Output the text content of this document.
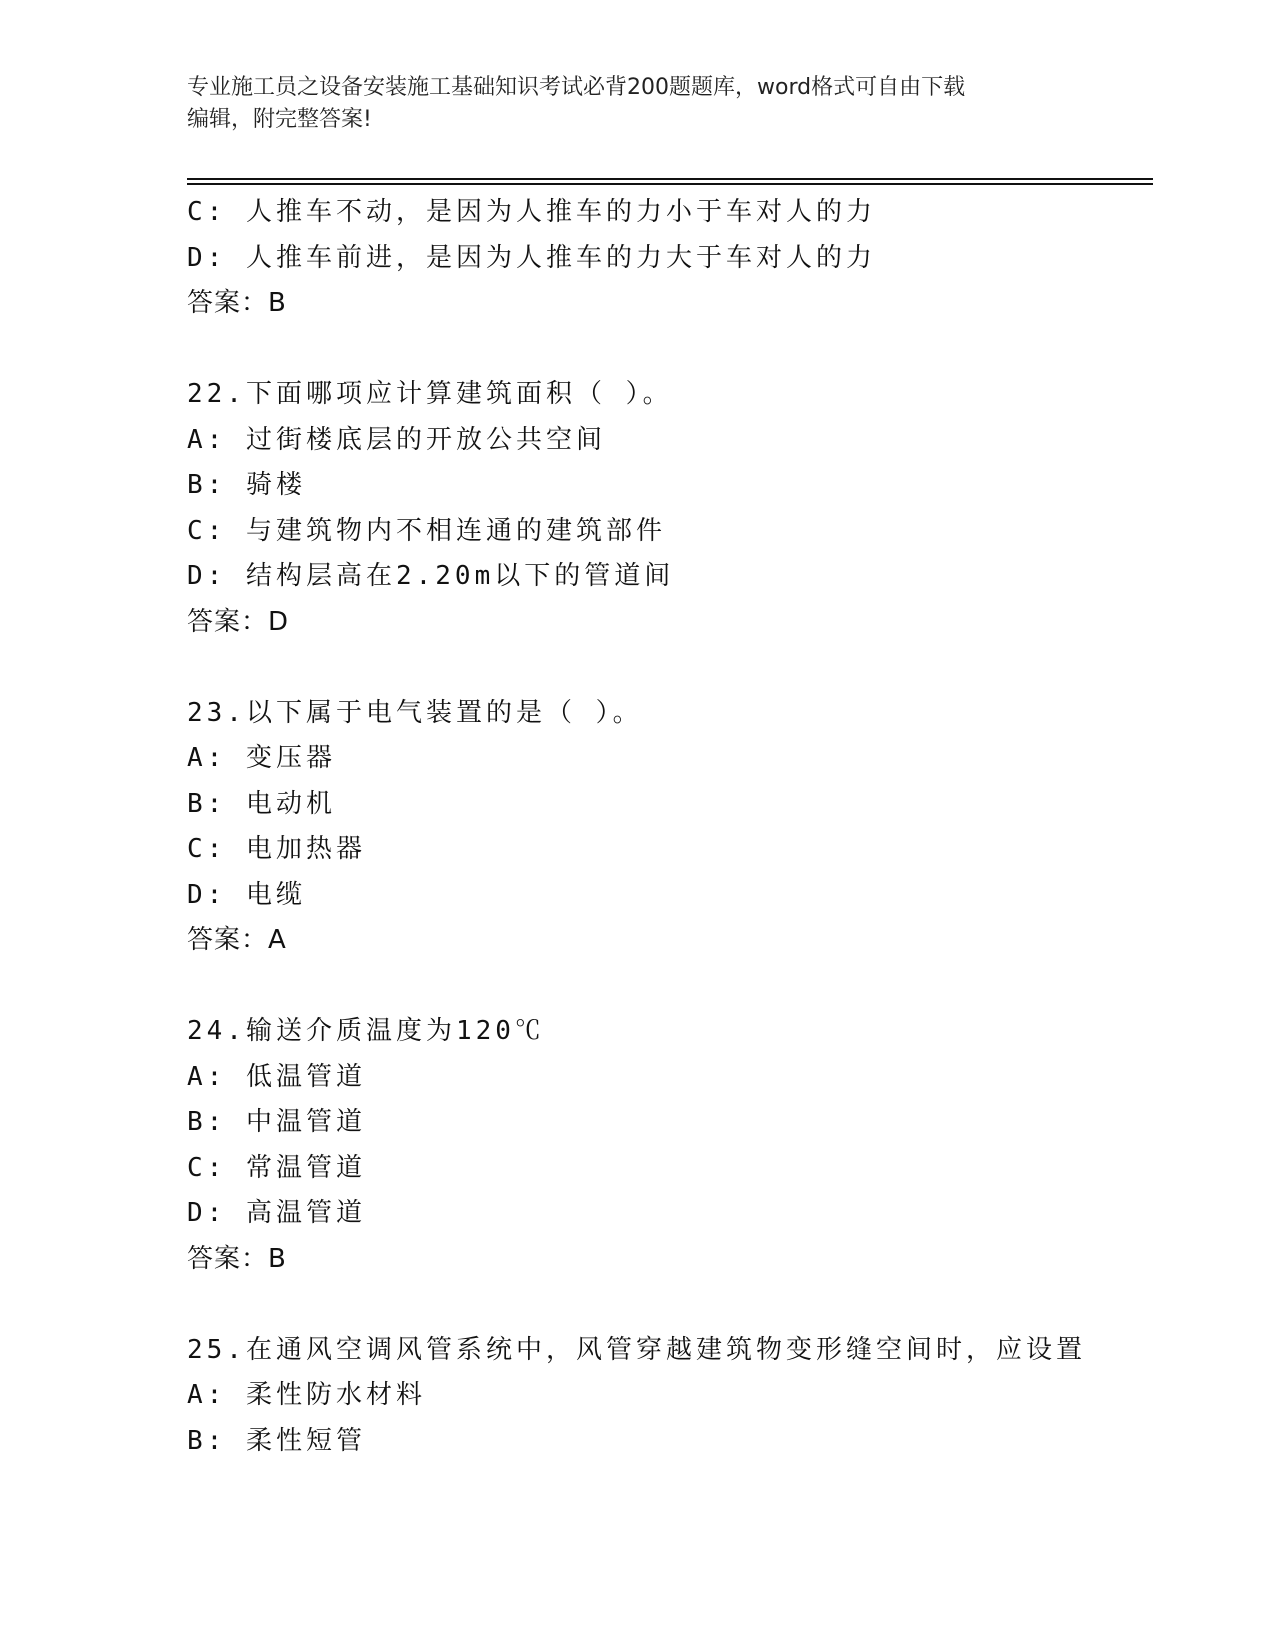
专业施工员之设备安装施工基础知识考试必背200题题库，word格式可自由下载
编辑，附完整答案!
C: 人推车不动，是因为人推车的力小于车对人的力
D: 人推车前进，是因为人推车的力大于车对人的力
答案：B
22.下面哪项应计算建筑面积（ ）。
A: 过街楼底层的开放公共空间
B: 骑楼
C: 与建筑物内不相连通的建筑部件
D: 结构层高在2.20m以下的管道间
答案：D
23.以下属于电气装置的是（ ）。
A: 变压器
B: 电动机
C: 电加热器
D: 电缆
答案：A
24.输送介质温度为120℃
A: 低温管道
B: 中温管道
C: 常温管道
D: 高温管道
答案：B
25.在通风空调风管系统中，风管穿越建筑物变形缝空间时，应设置
A: 柔性防水材料
B: 柔性短管
